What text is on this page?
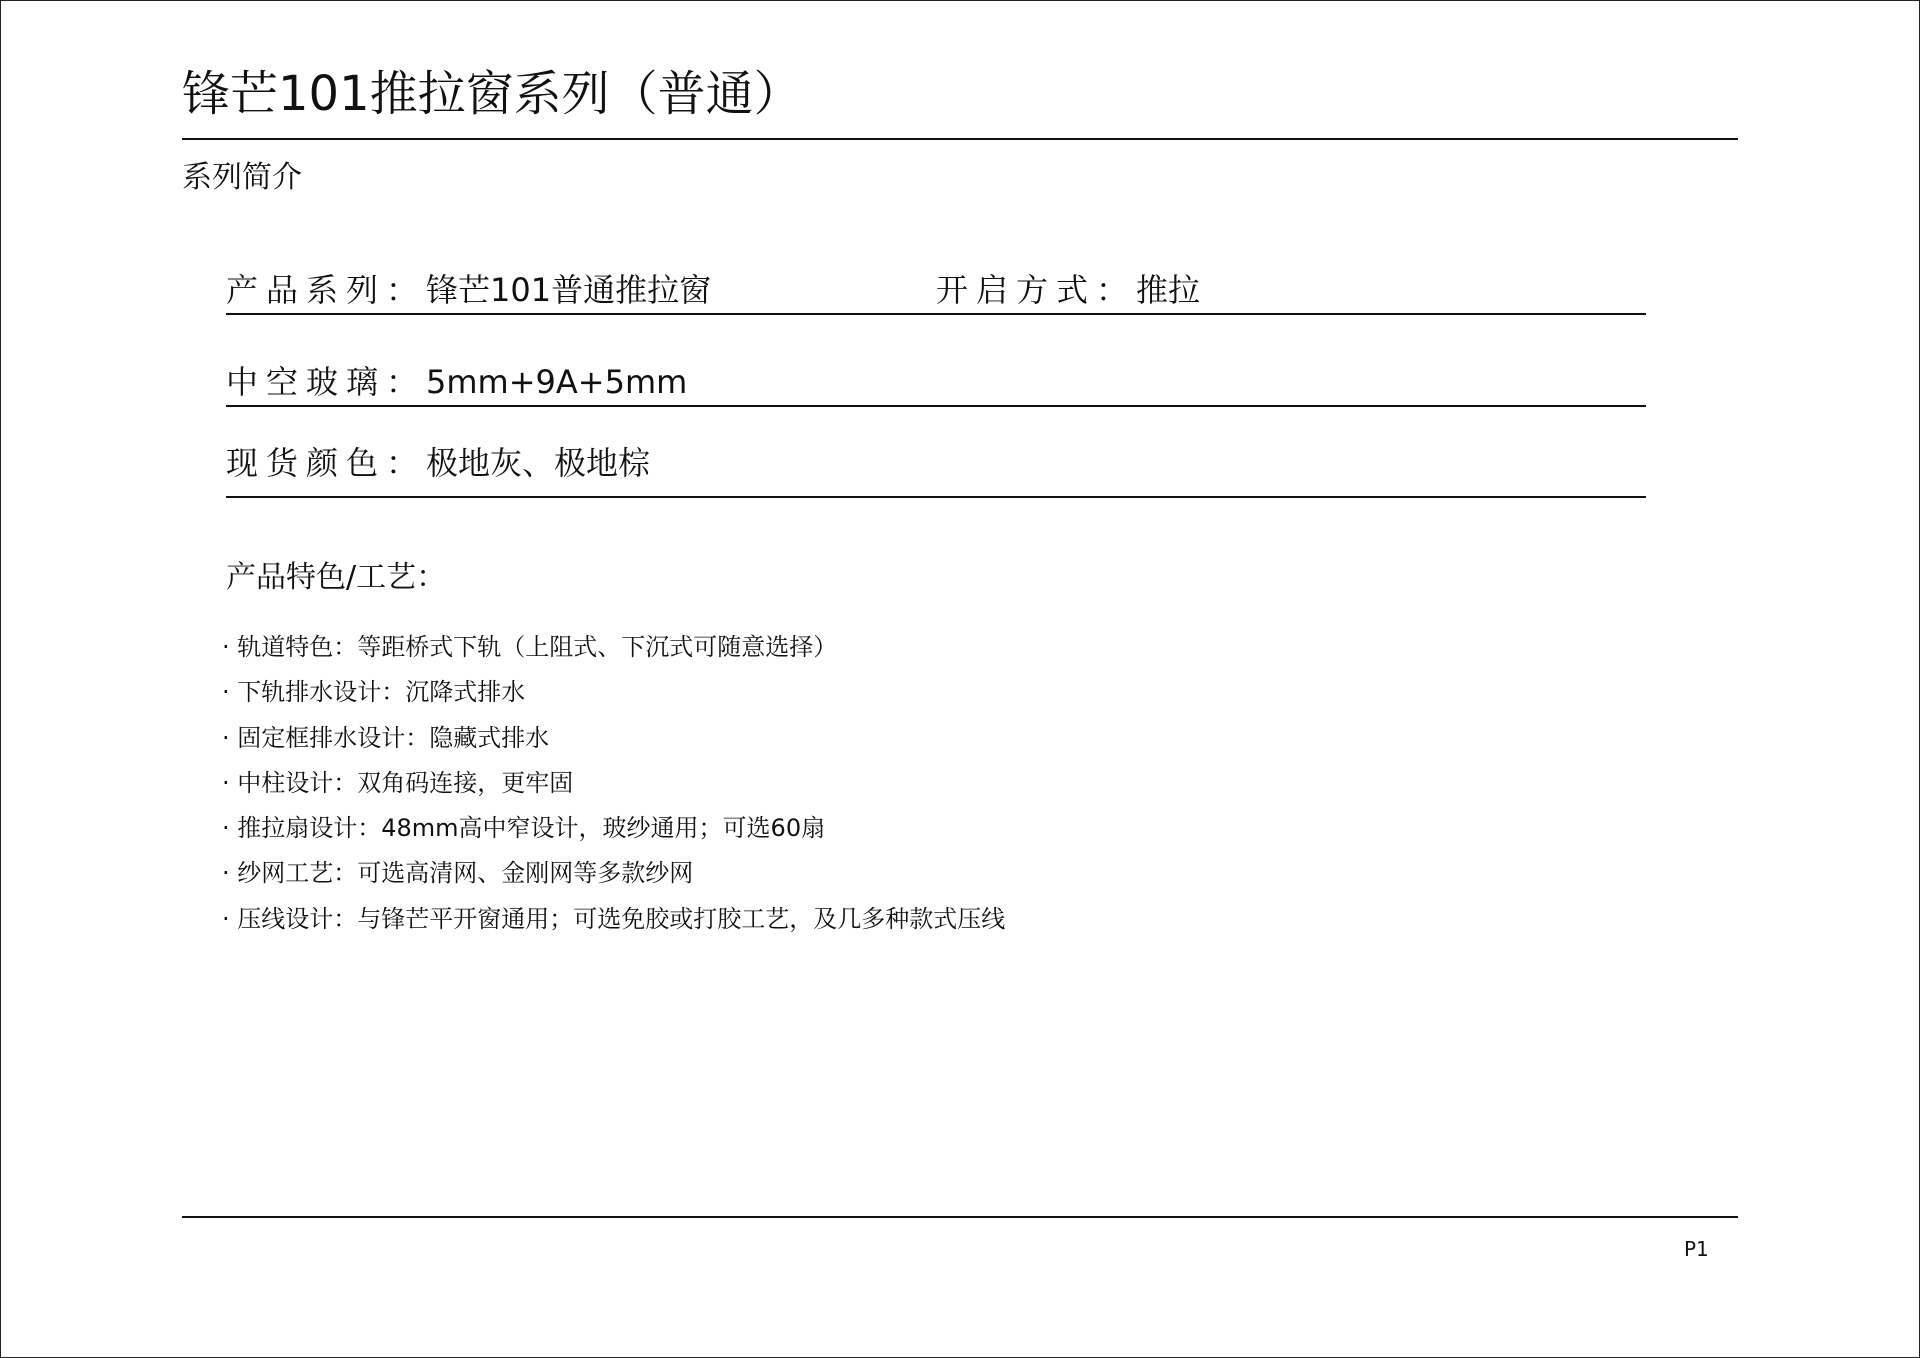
锋芒101推拉窗系列（普通）
系列简介
产品系列：锋芒101普通推拉窗	开启方式：推拉
中空玻璃：5mm+9A+5mm
现货颜色：极地灰、极地棕
产品特色/工艺：
· 轨道特色：等距桥式下轨（上阻式、下沉式可随意选择）
· 下轨排水设计：沉降式排水
· 固定框排水设计：隐藏式排水
· 中柱设计：双角码连接，更牢固
· 推拉扇设计：48mm高中窄设计，玻纱通用；可选60扇
· 纱网工艺：可选高清网、金刚网等多款纱网
· 压线设计：与锋芒平开窗通用；可选免胶或打胶工艺，及几多种款式压线
P1
